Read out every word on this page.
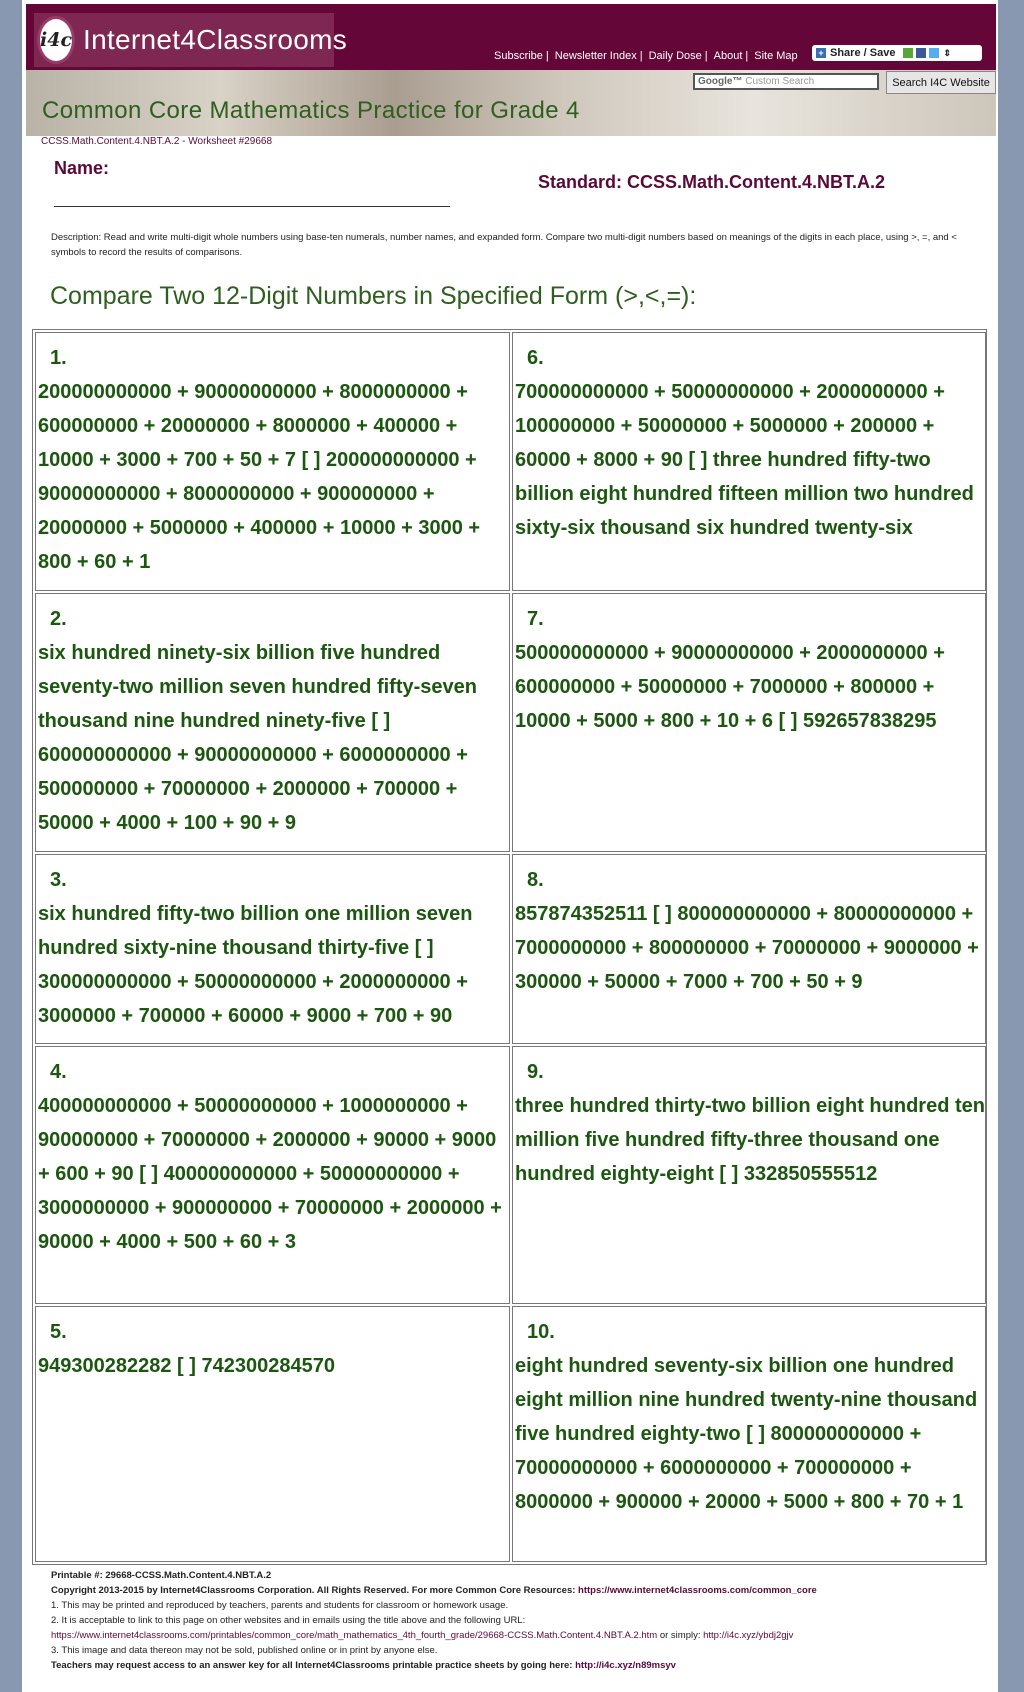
i4c Internet4Classrooms
Subscribe | Newsletter Index | Daily Dose | About | Site Map + Share / Save	⇕
Google™ Custom Search	Search I4C Website
Common Core Mathematics Practice for Grade 4
CCSS.Math.Content.4.NBT.A.2 - Worksheet #29668
Name:
Standard: CCSS.Math.Content.4.NBT.A.2
Description: Read and write multi-digit whole numbers using base-ten numerals, number names, and expanded form. Compare two multi-digit numbers based on meanings of the digits in each place, using >, =, and < symbols to record the results of comparisons.
Compare Two 12-Digit Numbers in Specified Form (>,<,=):
1.
200000000000 + 90000000000 + 8000000000 + 600000000 + 20000000 + 8000000 + 400000 + 10000 + 3000 + 700 + 50 + 7 [ ] 200000000000 + 90000000000 + 8000000000 + 900000000 + 20000000 + 5000000 + 400000 + 10000 + 3000 + 800 + 60 + 1
6.
700000000000 + 50000000000 + 2000000000 + 100000000 + 50000000 + 5000000 + 200000 + 60000 + 8000 + 90 [ ] three hundred fifty-two billion eight hundred fifteen million two hundred sixty-six thousand six hundred twenty-six
2.
six hundred ninety-six billion five hundred seventy-two million seven hundred fifty-seven thousand nine hundred ninety-five [ ] 600000000000 + 90000000000 + 6000000000 + 500000000 + 70000000 + 2000000 + 700000 + 50000 + 4000 + 100 + 90 + 9
7.
500000000000 + 90000000000 + 2000000000 + 600000000 + 50000000 + 7000000 + 800000 + 10000 + 5000 + 800 + 10 + 6 [ ] 592657838295
3.
six hundred fifty-two billion one million seven hundred sixty-nine thousand thirty-five [ ] 300000000000 + 50000000000 + 2000000000 + 3000000 + 700000 + 60000 + 9000 + 700 + 90
8.
857874352511 [ ] 800000000000 + 80000000000 + 7000000000 + 800000000 + 70000000 + 9000000 + 300000 + 50000 + 7000 + 700 + 50 + 9
4.
400000000000 + 50000000000 + 1000000000 + 900000000 + 70000000 + 2000000 + 90000 + 9000 + 600 + 90 [ ] 400000000000 + 50000000000 + 3000000000 + 900000000 + 70000000 + 2000000 + 90000 + 4000 + 500 + 60 + 3
9.
three hundred thirty-two billion eight hundred ten million five hundred fifty-three thousand one hundred eighty-eight [ ] 332850555512
5.
949300282282 [ ] 742300284570
10.
eight hundred seventy-six billion one hundred eight million nine hundred twenty-nine thousand five hundred eighty-two [ ] 800000000000 + 70000000000 + 6000000000 + 700000000 + 8000000 + 900000 + 20000 + 5000 + 800 + 70 + 1
Printable #: 29668-CCSS.Math.Content.4.NBT.A.2
Copyright 2013-2015 by Internet4Classrooms Corporation. All Rights Reserved. For more Common Core Resources: https://www.internet4classrooms.com/common_core
1. This may be printed and reproduced by teachers, parents and students for classroom or homework usage.
2. It is acceptable to link to this page on other websites and in emails using the title above and the following URL:
https://www.internet4classrooms.com/printables/common_core/math_mathematics_4th_fourth_grade/29668-CCSS.Math.Content.4.NBT.A.2.htm or simply: http://i4c.xyz/ybdj2gjv
3. This image and data thereon may not be sold, published online or in print by anyone else.
Teachers may request access to an answer key for all Internet4Classrooms printable practice sheets by going here: http://i4c.xyz/n89msyv
